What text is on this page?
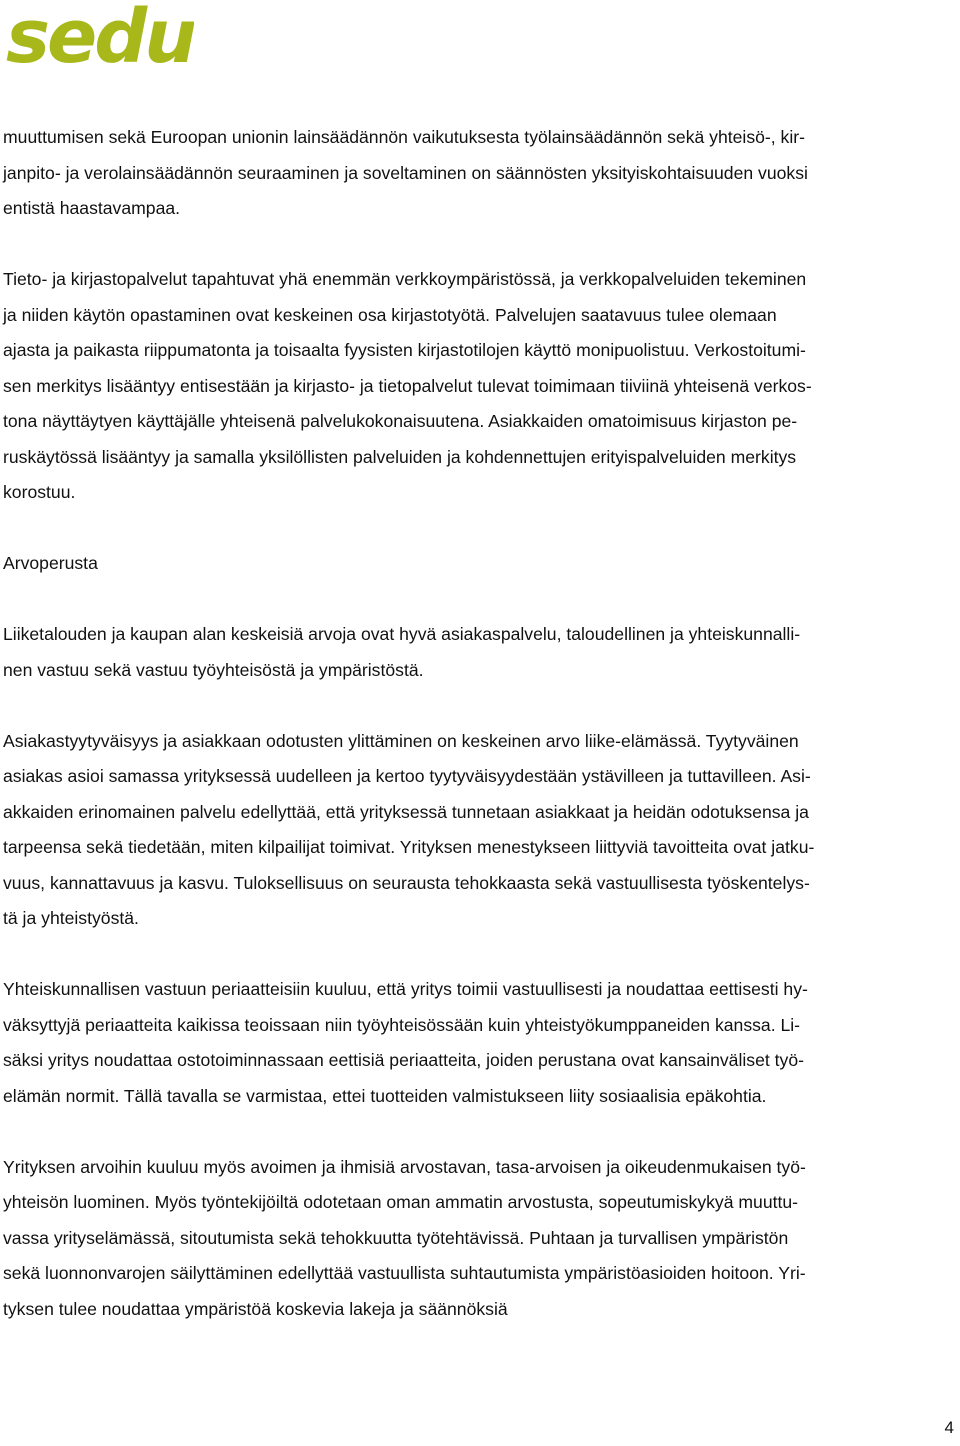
sedu

muuttumisen sekä Euroopan unionin lainsäädännön vaikutuksesta työlainsäädännön sekä yhteisö-, kir-
janpito- ja verolainsäädännön seuraaminen ja soveltaminen on säännösten yksityiskohtaisuuden vuoksi
entistä haastavampaa.

Tieto- ja kirjastopalvelut tapahtuvat yhä enemmän verkkoympäristössä, ja verkkopalveluiden tekeminen
ja niiden käytön opastaminen ovat keskeinen osa kirjastotyötä. Palvelujen saatavuus tulee olemaan
ajasta ja paikasta riippumatonta ja toisaalta fyysisten kirjastotilojen käyttö monipuolistuu. Verkostoitumi-
sen merkitys lisääntyy entisestään ja kirjasto- ja tietopalvelut tulevat toimimaan tiiviinä yhteisenä verkos-
tona näyttäytyen käyttäjälle yhteisenä palvelukokonaisuutena. Asiakkaiden omatoimisuus kirjaston pe-
ruskäytössä lisääntyy ja samalla yksilöllisten palveluiden ja kohdennettujen erityispalveluiden merkitys
korostuu.

Arvoperusta

Liiketalouden ja kaupan alan keskeisiä arvoja ovat hyvä asiakaspalvelu, taloudellinen ja yhteiskunnalli-
nen vastuu sekä vastuu työyhteisöstä ja ympäristöstä.

Asiakastyytyväisyys ja asiakkaan odotusten ylittäminen on keskeinen arvo liike-elämässä. Tyytyväinen
asiakas asioi samassa yrityksessä uudelleen ja kertoo tyytyväisyydestään ystävilleen ja tuttavilleen. Asi-
akkaiden erinomainen palvelu edellyttää, että yrityksessä tunnetaan asiakkaat ja heidän odotuksensa ja
tarpeensa sekä tiedetään, miten kilpailijat toimivat. Yrityksen menestykseen liittyviä tavoitteita ovat jatku-
vuus, kannattavuus ja kasvu. Tuloksellisuus on seurausta tehokkaasta sekä vastuullisesta työskentelys-
tä ja yhteistyöstä.

Yhteiskunnallisen vastuun periaatteisiin kuuluu, että yritys toimii vastuullisesti ja noudattaa eettisesti hy-
väksyttyjä periaatteita kaikissa teoissaan niin työyhteisössään kuin yhteistyökumppaneiden kanssa. Li-
säksi yritys noudattaa ostotoiminnassaan eettisiä periaatteita, joiden perustana ovat kansainväliset työ-
elämän normit. Tällä tavalla se varmistaa, ettei tuotteiden valmistukseen liity sosiaalisia epäkohtia.

Yrityksen arvoihin kuuluu myös avoimen ja ihmisiä arvostavan, tasa-arvoisen ja oikeudenmukaisen työ-
yhteisön luominen. Myös työntekijöiltä odotetaan oman ammatin arvostusta, sopeutumiskykyä muuttu-
vassa yrityselämässä, sitoutumista sekä tehokkuutta työtehtävissä. Puhtaan ja turvallisen ympäristön
sekä luonnonvarojen säilyttäminen edellyttää vastuullista suhtautumista ympäristöasioiden hoitoon. Yri-
tyksen tulee noudattaa ympäristöä koskevia lakeja ja säännöksiä

4
